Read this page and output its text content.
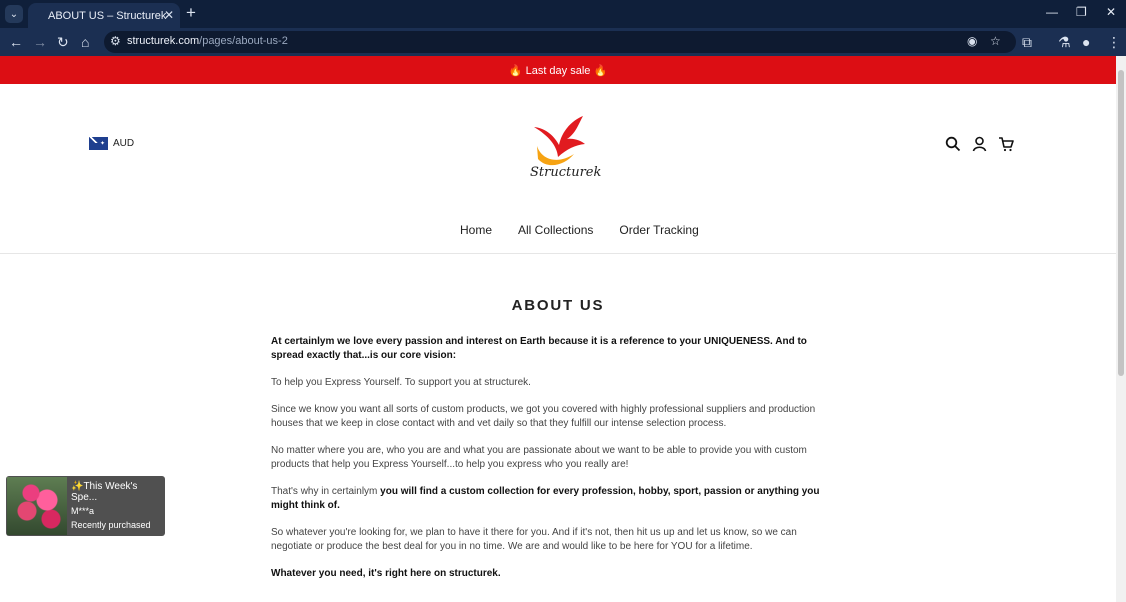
⌄	ABOUT US – Structurek
✕ +	— ❐ ✕
← → ↻ ⌂ ⚙ structurek.com/pages/about-us-2	◉ ☆ ⧉ ⚗ ● ⋮
🔥 Last day sale 🔥
✦
AUD
Structurek
Home All Collections Order Tracking
ABOUT US

At certainlym we love every passion and interest on Earth because it is a reference to your UNIQUENESS. And to spread exactly that...is our core vision:

To help you Express Yourself. To support you at structurek.

Since we know you want all sorts of custom products, we got you covered with highly professional suppliers and production houses that we keep in close contact with and vet daily so that they fulfill our intense selection process.

No matter where you are, who you are and what you are passionate about we want to be able to provide you with custom products that help you Express Yourself...to help you express who you really are!

That's why in certainlym you will find a custom collection for every profession, hobby, sport, passion or anything you might think of.

So whatever you're looking for, we plan to have it there for you. And if it's not, then hit us up and let us know, so we can negotiate or produce the best deal for you in no time. We are and would like to be here for YOU for a lifetime.

Whatever you need, it's right here on structurek.

✨This Week's Spe...
M***a
Recently purchased
